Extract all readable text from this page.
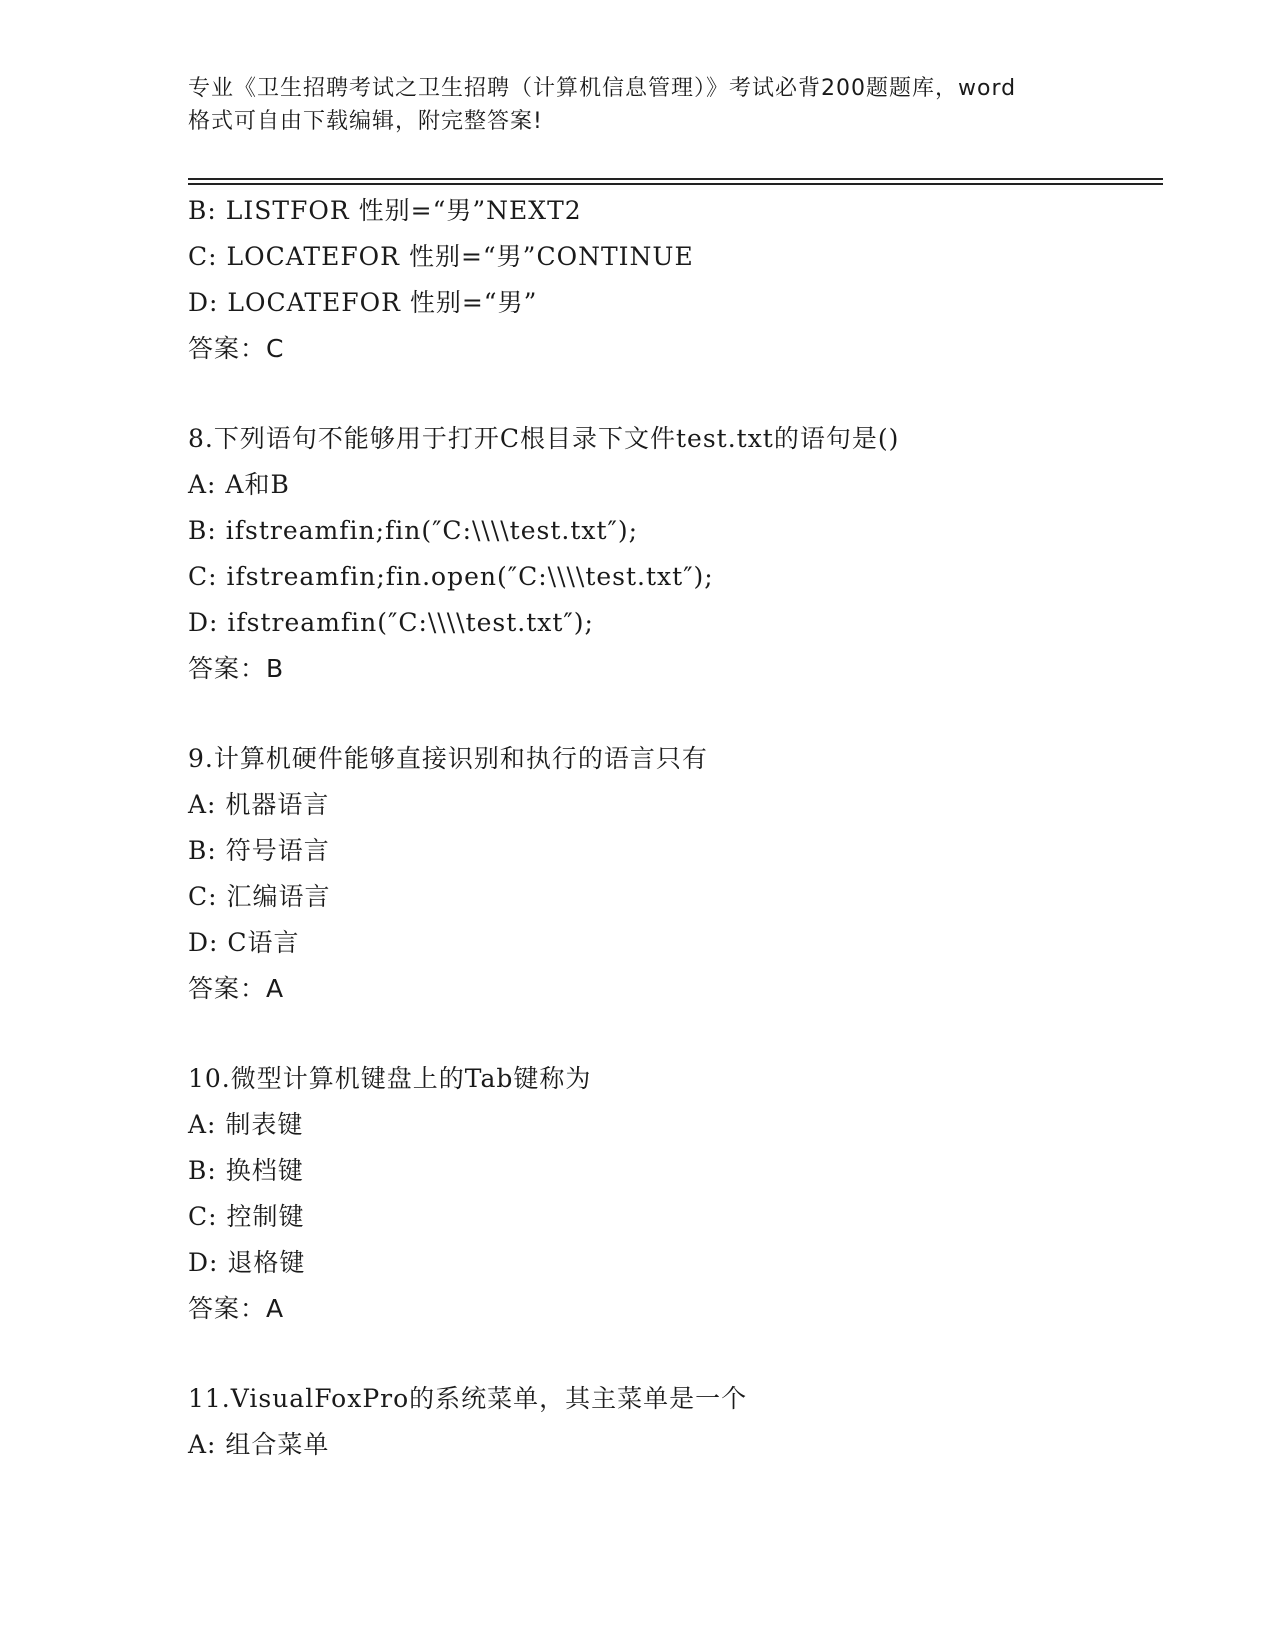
专业《卫生招聘考试之卫生招聘（计算机信息管理）》考试必背200题题库，word
格式可自由下载编辑，附完整答案!
B: LISTFOR 性别=“男”NEXT2
C: LOCATEFOR 性别=“男”CONTINUE
D: LOCATEFOR 性别=“男”
答案：C
8.下列语句不能够用于打开C根目录下文件test.txt的语句是()
A: A和B
B: ifstreamfin;fin(″C:\\\\test.txt″);
C: ifstreamfin;fin.open(″C:\\\\test.txt″);
D: ifstreamfin(″C:\\\\test.txt″);
答案：B
9.计算机硬件能够直接识别和执行的语言只有
A: 机器语言
B: 符号语言
C: 汇编语言
D: C语言
答案：A
10.微型计算机键盘上的Tab键称为
A: 制表键
B: 换档键
C: 控制键
D: 退格键
答案：A
11.VisualFoxPro的系统菜单，其主菜单是一个
A: 组合菜单
